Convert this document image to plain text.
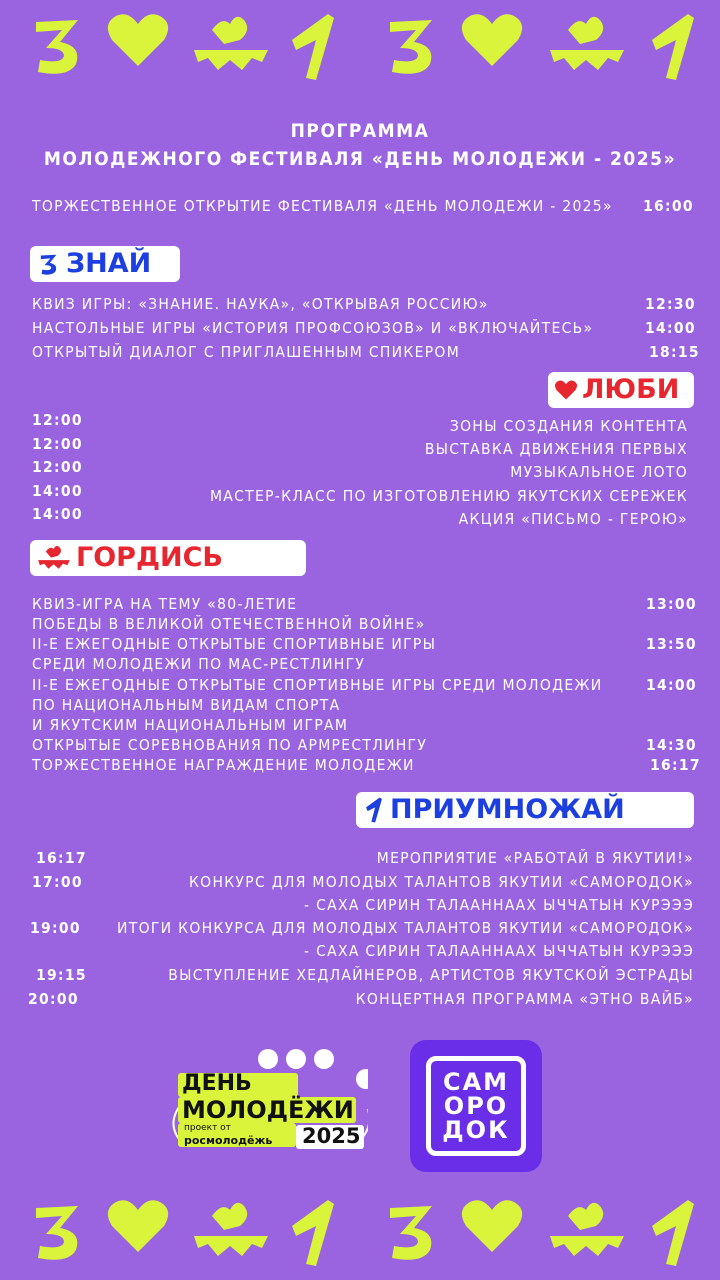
ПРОГРАММА
МОЛОДЕЖНОГО ФЕСТИВАЛЯ «ДЕНЬ МОЛОДЕЖИ - 2025»
ТОРЖЕСТВЕННОЕ ОТКРЫТИЕ ФЕСТИВАЛЯ «ДЕНЬ МОЛОДЕЖИ - 2025» 16:00
ЗНАЙ
КВИЗ ИГРЫ: «ЗНАНИЕ. НАУКА», «ОТКРЫВАЯ РОССИЮ»	12:30
НАСТОЛЬНЫЕ ИГРЫ «ИСТОРИЯ ПРОФСОЮЗОВ» И «ВКЛЮЧАЙТЕСЬ»	14:00
ОТКРЫТЫЙ ДИАЛОГ С ПРИГЛАШЕННЫМ СПИКЕРОМ	18:15
ЛЮБИ
12:00	ЗОНЫ СОЗДАНИЯ КОНТЕНТА
12:00	ВЫСТАВКА ДВИЖЕНИЯ ПЕРВЫХ
12:00	МУЗЫКАЛЬНОЕ ЛОТО
14:00	МАСТЕР-КЛАСС ПО ИЗГОТОВЛЕНИЮ ЯКУТСКИХ СЕРЕЖЕК
14:00	АКЦИЯ «ПИСЬМО - ГЕРОЮ»
ГОРДИСЬ
КВИЗ-ИГРА НА ТЕМУ «80-ЛЕТИЕ	13:00
ПОБЕДЫ В ВЕЛИКОЙ ОТЕЧЕСТВЕННОЙ ВОЙНЕ»
II-Е ЕЖЕГОДНЫЕ ОТКРЫТЫЕ СПОРТИВНЫЕ ИГРЫ	13:50
СРЕДИ МОЛОДЕЖИ ПО МАС-РЕСТЛИНГУ
II-Е ЕЖЕГОДНЫЕ ОТКРЫТЫЕ СПОРТИВНЫЕ ИГРЫ СРЕДИ МОЛОДЕЖИ	14:00
ПО НАЦИОНАЛЬНЫМ ВИДАМ СПОРТА
И ЯКУТСКИМ НАЦИОНАЛЬНЫМ ИГРАМ
ОТКРЫТЫЕ СОРЕВНОВАНИЯ ПО АРМРЕСТЛИНГУ	14:30
ТОРЖЕСТВЕННОЕ НАГРАЖДЕНИЕ МОЛОДЕЖИ	16:17
ПРИУМНОЖАЙ
16:17	МЕРОПРИЯТИЕ «РАБОТАЙ В ЯКУТИИ!»
17:00	КОНКУРС ДЛЯ МОЛОДЫХ ТАЛАНТОВ ЯКУТИИ «САМОРОДОК»
- САХА СИРИН ТАЛААННААХ ЫЧЧАТЫН КУРЭЭЭ
19:00 ИТОГИ КОНКУРСА ДЛЯ МОЛОДЫХ ТАЛАНТОВ ЯКУТИИ «САМОРОДОК»
- САХА СИРИН ТАЛААННААХ ЫЧЧАТЫН КУРЭЭЭ
19:15	ВЫСТУПЛЕНИЕ ХЕДЛАЙНЕРОВ, АРТИСТОВ ЯКУТСКОЙ ЭСТРАДЫ
20:00	КОНЦЕРТНАЯ ПРОГРАММА «ЭТНО ВАЙБ»
ДЕНЬ
МОЛОДЁЖИ
проект от
росмолодёжь 2025
САМ
ОРО
ДОК
